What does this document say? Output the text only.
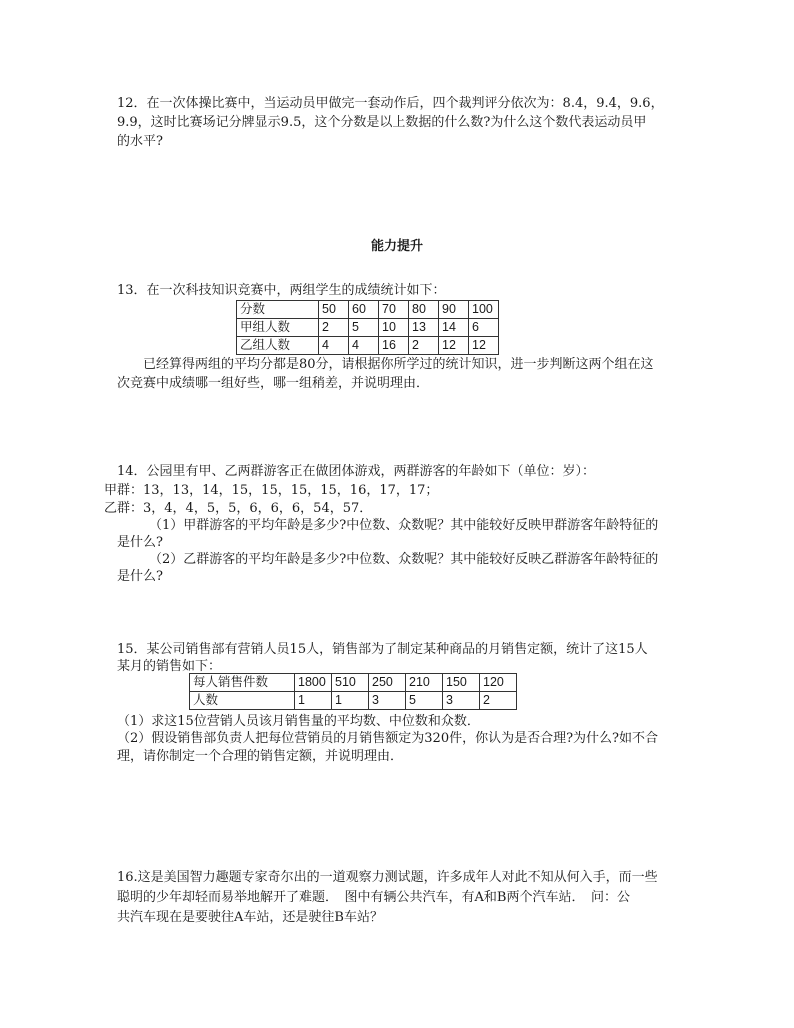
12．在一次体操比赛中，当运动员甲做完一套动作后，四个裁判评分依次为：8.4，9.4，9.6，

9.9，这时比赛场记分牌显示9.5，这个分数是以上数据的什么数?为什么这个数代表运动员甲

的水平?

能力提升

13．在一次科技知识竞赛中，两组学生的成绩统计如下：

分数	50	60	70	80	90	100
甲组人数	2	5	10	13	14	6
乙组人数	4	4	16	2	12	12

已经算得两组的平均分都是80分，请根据你所学过的统计知识，进一步判断这两个组在这

次竞赛中成绩哪一组好些，哪一组稍差，并说明理由．

14．公园里有甲、乙两群游客正在做团体游戏，两群游客的年龄如下（单位：岁）：

甲群：13，13，14，15，15，15，15，16，17，17；

乙群：3，4，4，5，5，6，6，6，54，57．

（1）甲群游客的平均年龄是多少?中位数、众数呢？其中能较好反映甲群游客年龄特征的

是什么?

（2）乙群游客的平均年龄是多少?中位数、众数呢？其中能较好反映乙群游客年龄特征的

是什么?

15．某公司销售部有营销人员15人，销售部为了制定某种商品的月销售定额，统计了这15人

某月的销售如下：

每人销售件数	1800	510	250	210	150	120
人数	1	1	3	5	3	2

（1）求这15位营销人员该月销售量的平均数、中位数和众数．

（2）假设销售部负责人把每位营销员的月销售额定为320件，你认为是否合理?为什么?如不合

理，请你制定一个合理的销售定额，并说明理由．

16.这是美国智力趣题专家奇尔出的一道观察力测试题，许多成年人对此不知从何入手，而一些

聪明的少年却轻而易举地解开了难题．　图中有辆公共汽车，有A和B两个汽车站．　问：公

共汽车现在是要驶往A车站，还是驶往B车站？
